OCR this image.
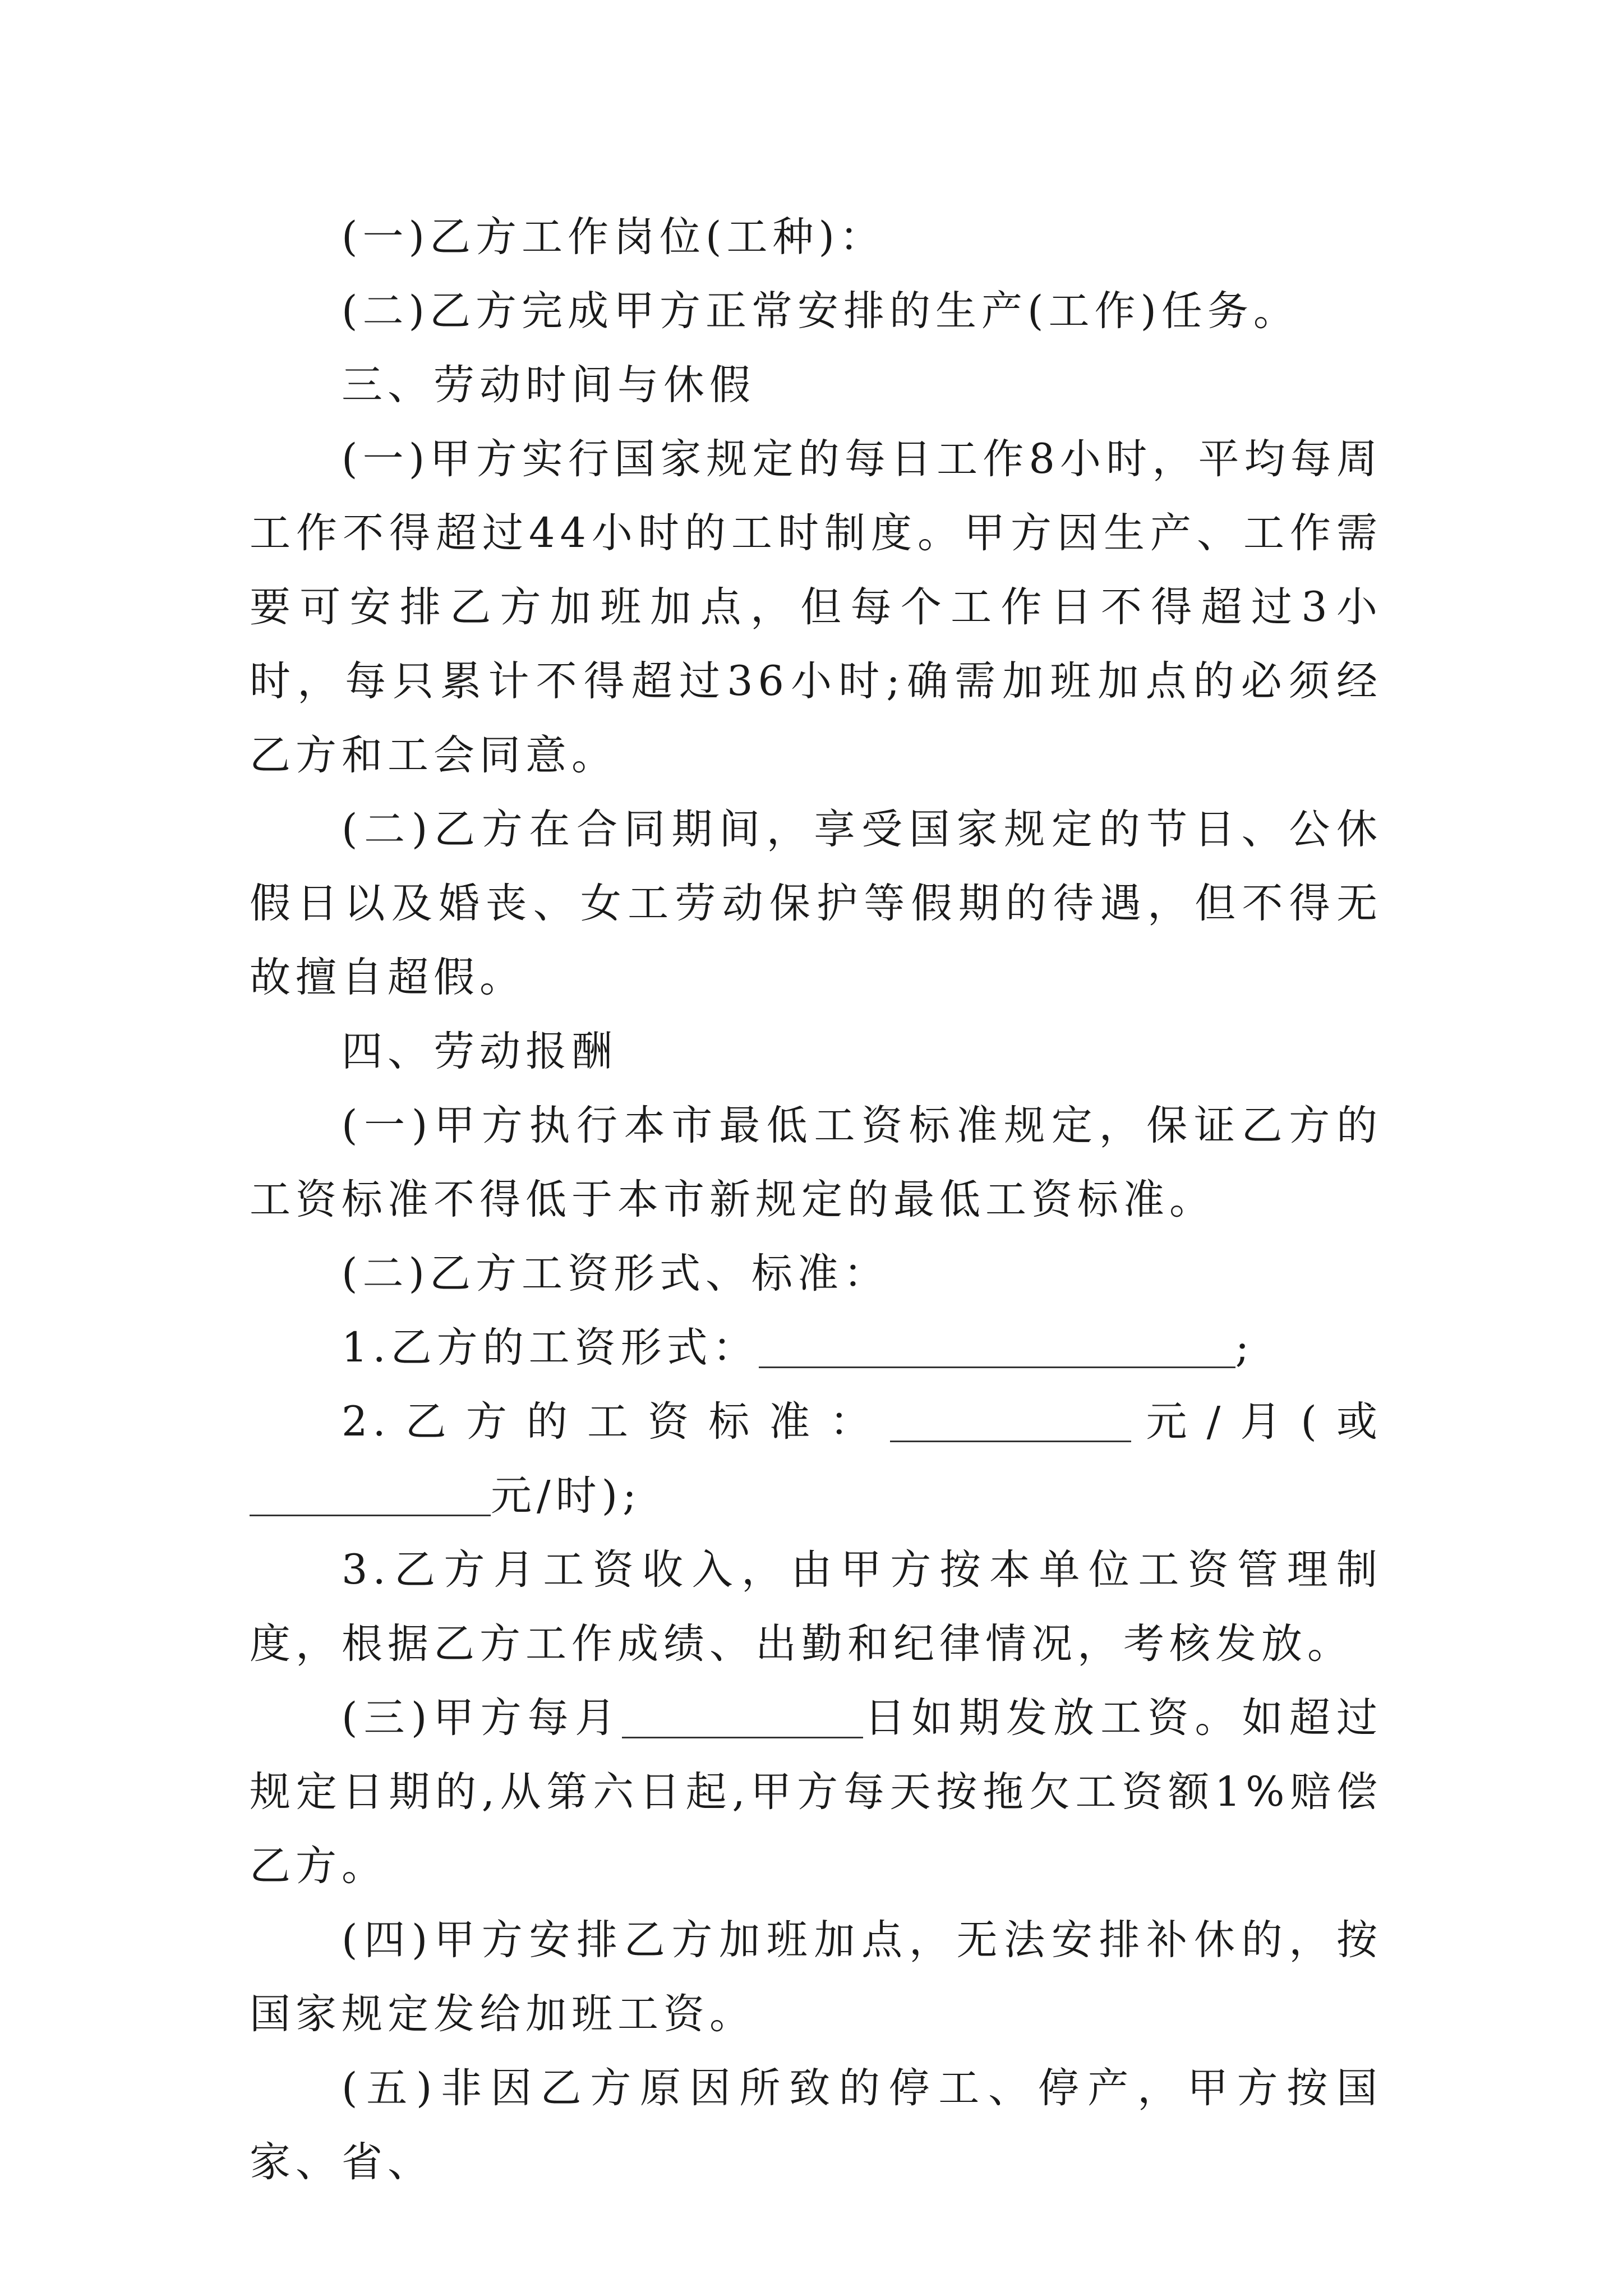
(一)乙方工作岗位(工种)：

(二)乙方完成甲方正常安排的生产(工作)任务。

三、劳动时间与休假

(一)甲方实行国家规定的每日工作8小时，平均每周工作不得超过44小时的工时制度。甲方因生产、工作需要可安排乙方加班加点，但每个工作日不得超过3小时，每只累计不得超过36小时;确需加班加点的必须经乙方和工会同意。

(二)乙方在合同期间，享受国家规定的节日、公休假日以及婚丧、女工劳动保护等假期的待遇，但不得无故擅自超假。

四、劳动报酬

(一)甲方执行本市最低工资标准规定，保证乙方的工资标准不得低于本市新规定的最低工资标准。

(二)乙方工资形式、标准：

1.乙方的工资形式：	;

2.乙方的工资标准：	元/月(或元/时);

3.乙方月工资收入，由甲方按本单位工资管理制度，根据乙方工作成绩、出勤和纪律情况，考核发放。

(三)甲方每月	日如期发放工资。如超过规定日期的,从第六日起,甲方每天按拖欠工资额1%赔偿乙方。

(四)甲方安排乙方加班加点，无法安排补休的，按国家规定发给加班工资。

(五)非因乙方原因所致的停工、停产，甲方按国家、省、
